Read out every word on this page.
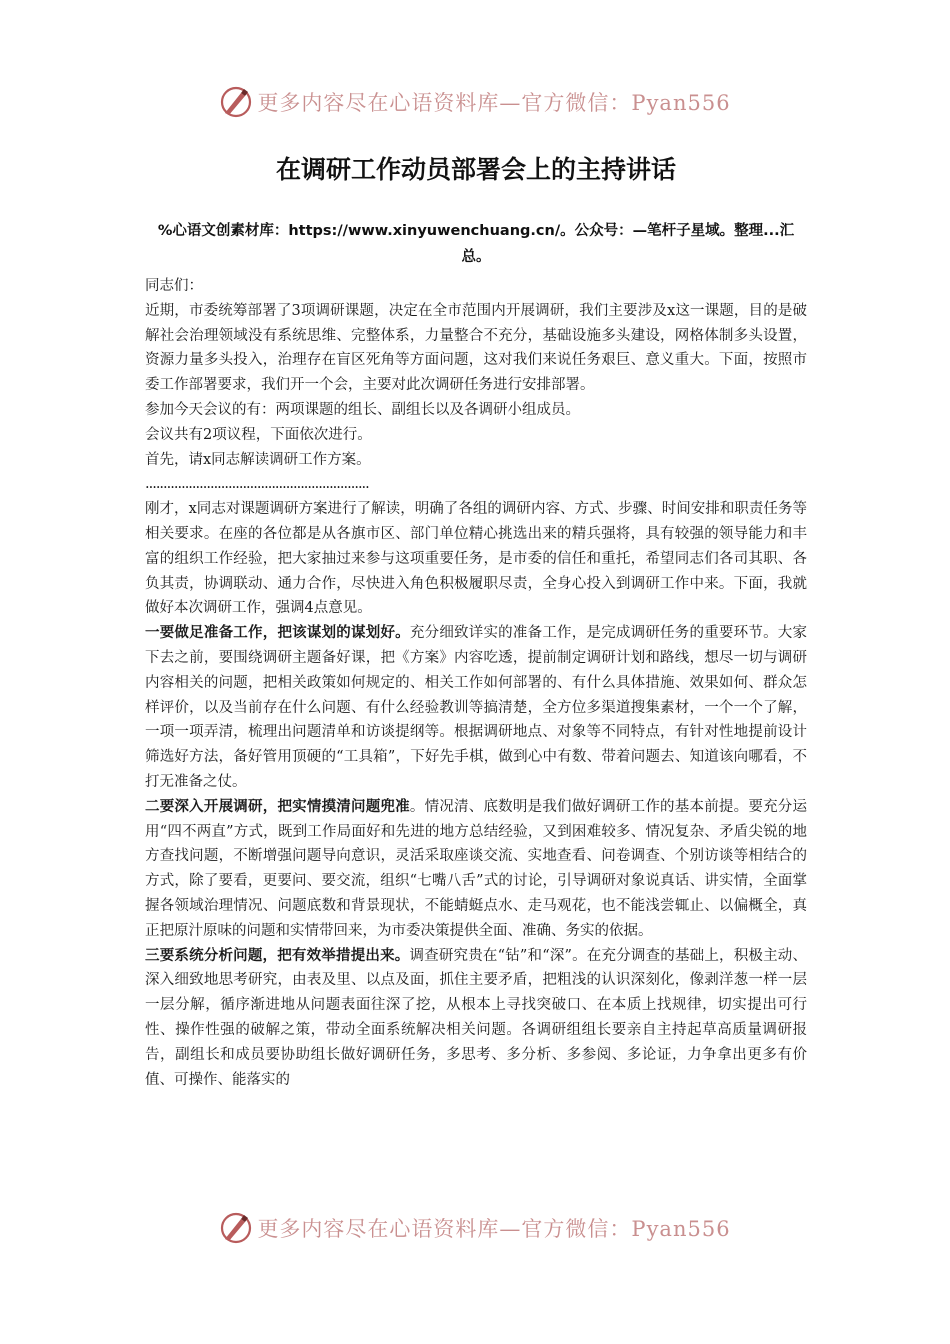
更多内容尽在心语资料库—官方微信：Pyan556
在调研工作动员部署会上的主持讲话

%心语文创素材库：https://www.xinyuwenchuang.cn/。公众号：—笔杆子星域。整理...汇总。

同志们：

近期，市委统筹部署了3项调研课题，决定在全市范围内开展调研，我们主要涉及x这一课题，目的是破解社会治理领域没有系统思维、完整体系，力量整合不充分，基础设施多头建设，网格体制多头设置，资源力量多头投入，治理存在盲区死角等方面问题，这对我们来说任务艰巨、意义重大。下面，按照市委工作部署要求，我们开一个会，主要对此次调研任务进行安排部署。

参加今天会议的有：两项课题的组长、副组长以及各调研小组成员。

会议共有2项议程，下面依次进行。

首先，请x同志解读调研工作方案。

..............................................................

刚才，x同志对课题调研方案进行了解读，明确了各组的调研内容、方式、步骤、时间安排和职责任务等相关要求。在座的各位都是从各旗市区、部门单位精心挑选出来的精兵强将，具有较强的领导能力和丰富的组织工作经验，把大家抽过来参与这项重要任务，是市委的信任和重托，希望同志们各司其职、各负其责，协调联动、通力合作，尽快进入角色积极履职尽责，全身心投入到调研工作中来。下面，我就做好本次调研工作，强调4点意见。

一要做足准备工作，把该谋划的谋划好。充分细致详实的准备工作，是完成调研任务的重要环节。大家下去之前，要围绕调研主题备好课，把《方案》内容吃透，提前制定调研计划和路线，想尽一切与调研内容相关的问题，把相关政策如何规定的、相关工作如何部署的、有什么具体措施、效果如何、群众怎样评价，以及当前存在什么问题、有什么经验教训等搞清楚，全方位多渠道搜集素材，一个一个了解，一项一项弄清，梳理出问题清单和访谈提纲等。根据调研地点、对象等不同特点，有针对性地提前设计筛选好方法，备好管用顶硬的“工具箱”，下好先手棋，做到心中有数、带着问题去、知道该向哪看，不打无准备之仗。

二要深入开展调研，把实情摸清问题兜准。情况清、底数明是我们做好调研工作的基本前提。要充分运用“四不两直”方式，既到工作局面好和先进的地方总结经验，又到困难较多、情况复杂、矛盾尖锐的地方查找问题，不断增强问题导向意识，灵活采取座谈交流、实地查看、问卷调查、个别访谈等相结合的方式，除了要看，更要问、要交流，组织“七嘴八舌”式的讨论，引导调研对象说真话、讲实情，全面掌握各领域治理情况、问题底数和背景现状，不能蜻蜓点水、走马观花，也不能浅尝辄止、以偏概全，真正把原汁原味的问题和实情带回来，为市委决策提供全面、准确、务实的依据。

三要系统分析问题，把有效举措提出来。调查研究贵在“钻”和“深”。在充分调查的基础上，积极主动、深入细致地思考研究，由表及里、以点及面，抓住主要矛盾，把粗浅的认识深刻化，像剥洋葱一样一层一层分解，循序渐进地从问题表面往深了挖，从根本上寻找突破口、在本质上找规律，切实提出可行性、操作性强的破解之策，带动全面系统解决相关问题。各调研组组长要亲自主持起草高质量调研报告，副组长和成员要协助组长做好调研任务，多思考、多分析、多参阅、多论证，力争拿出更多有价值、可操作、能落实的

更多内容尽在心语资料库—官方微信：Pyan556
